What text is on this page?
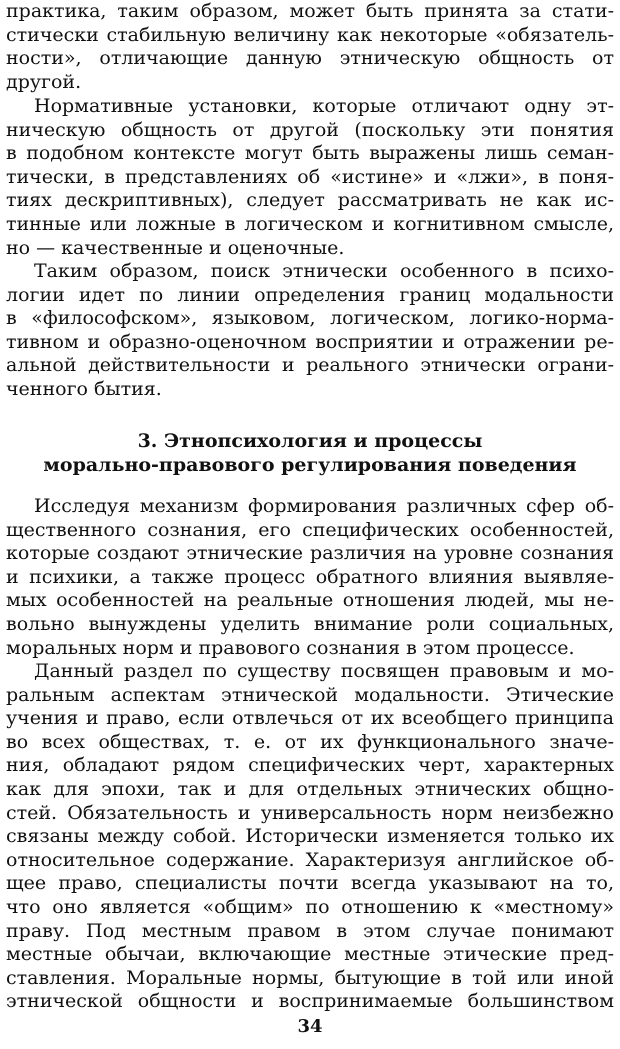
практика, таким образом, может быть принята за стати-
стически стабильную величину как некоторые «обязатель-
ности», отличающие данную этническую общность от
другой.
Нормативные установки, которые отличают одну эт-
ническую общность от другой (поскольку эти понятия
в подобном контексте могут быть выражены лишь семан-
тически, в представлениях об «истине» и «лжи», в поня-
тиях дескриптивных), следует рассматривать не как ис-
тинные или ложные в логическом и когнитивном смысле,
но — качественные и оценочные.
Таким образом, поиск этнически особенного в психо-
логии идет по линии определения границ модальности
в «философском», языковом, логическом, логико-норма-
тивном и образно-оценочном восприятии и отражении ре-
альной действительности и реального этнически ограни-
ченного бытия.
3. Этнопсихология и процессы
морально-правового регулирования поведения
Исследуя механизм формирования различных сфер об-
щественного сознания, его специфических особенностей,
которые создают этнические различия на уровне сознания
и психики, а также процесс обратного влияния выявляе-
мых особенностей на реальные отношения людей, мы не-
вольно вынуждены уделить внимание роли социальных,
моральных норм и правового сознания в этом процессе.
Данный раздел по существу посвящен правовым и мо-
ральным аспектам этнической модальности. Этические
учения и право, если отвлечься от их всеобщего принципа
во всех обществах, т. е. от их функционального значе-
ния, обладают рядом специфических черт, характерных
как для эпохи, так и для отдельных этнических общно-
стей. Обязательность и универсальность норм неизбежно
связаны между собой. Исторически изменяется только их
относительное содержание. Характеризуя английское об-
щее право, специалисты почти всегда указывают на то,
что оно является «общим» по отношению к «местному»
праву. Под местным правом в этом случае понимают
местные обычаи, включающие местные этические пред-
ставления. Моральные нормы, бытующие в той или иной
этнической общности и воспринимаемые большинством
34
